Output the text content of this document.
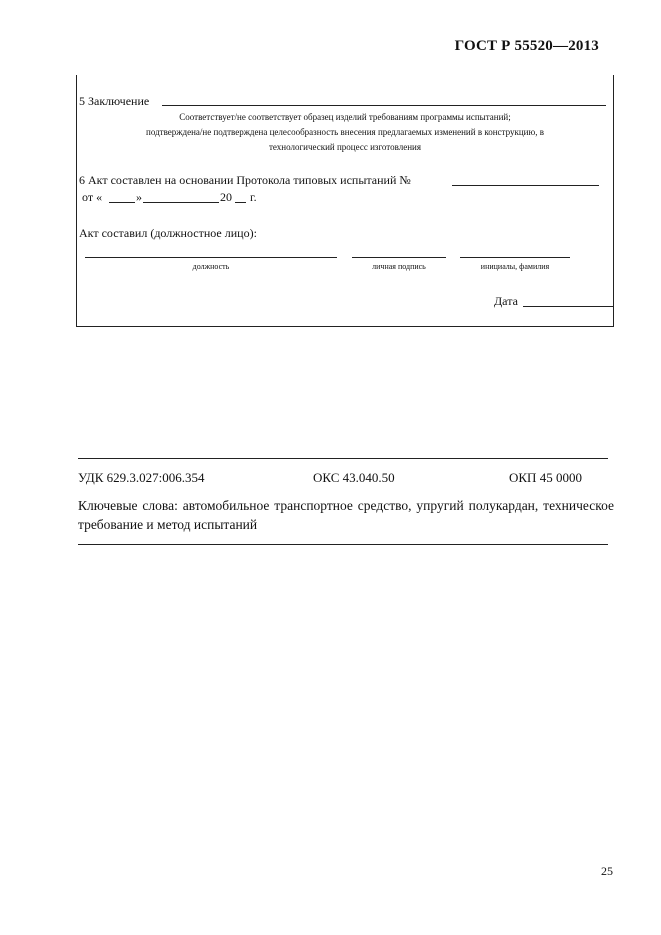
ГОСТ Р 55520—2013
5 Заключение
Соответствует/не соответствует образец изделий требованиям программы испытаний;
подтверждена/не подтверждена целесообразность внесения предлагаемых изменений в конструкцию, в
технологический процесс изготовления
6 Акт составлен на основании Протокола типовых испытаний №
от «	»	20 г.
Акт составил (должностное лицо):
должность	личная подпись	инициалы, фамилия
Дата
УДК 629.3.027:006.354	ОКС 43.040.50	ОКП 45 0000
Ключевые слова: автомобильное транспортное средство, упругий полукардан, техническое требование и метод испытаний
25
